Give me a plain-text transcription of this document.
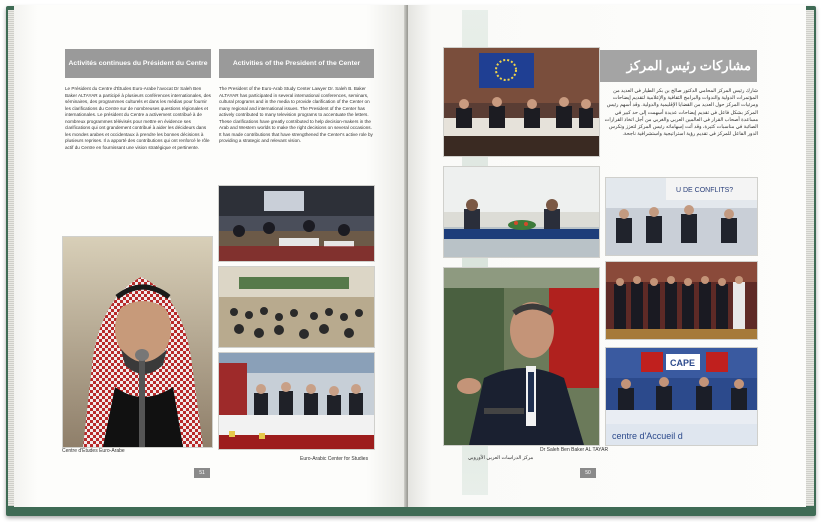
Activités continues du Président du Centre	Activities of the President of the Center
Le Président du Centre d'Études Euro-Arabe l'avocat Dr Saleh Ben Baker ALTAYAR a participé à plusieurs conférences internationales, des séminaires, des programmes culturels et dans les médias pour fournir les clarifications du Centre sur de nombreuses questions régionales et internationales. Le président du Centre a activement contribué à de nombreux programmes télévisés pour mettre en évidence ses clarifications qui ont grandement contribué à aider les décideurs dans les mondes arabes et occidentaux à prendre les bonnes décisions à plusieurs reprises. Il a apporté des contributions qui ont renforcé le rôle actif du Centre en fournissant une vision stratégique et pertinente.
The President of the Euro-Arab Study Center Lawyer Dr. Saleh B. Baker ALTAYAR has participated in several international conferences, seminars, cultural programs and in the media to provide clarification of the Center on many regional and international issues. The President of the Center has actively contributed to many television programs to accentuate the letters. These clarifications have greatly contributed to help decision-makers in the Arab and Western worlds to make the right decisions on several occasions. It has made contributions that have strengthened the Center's active role by providing a strategic and relevant vision.
Centre d'Études Euro-Arabe
Euro-Arabic Center for Studies
51
مشاركات رئيس المركز
شارك رئيس المركز المحامي الدكتور صالح بن بكر الطيار في العديد من المؤتمرات الدولية والندوات والبرامج الثقافية والإعلامية لتقديم إيضاحات ومرئيات المركز حول العديد من القضايا الإقليمية والدولية. وقد أسهم رئيس المركز بشكل فاعل في تقديم إيضاحات عديدة أسهمت إلى حد كبير في مساعدة أصحاب القرار في العالمين العربي والغربي من أجل اتخاذ القرارات الصائبة في مناسبات كثيرة، وقد أتت إسهاماته رئيس المركز لتعزز وتكرس الدور الفاعل للمركز في تقديم رؤية استراتيجية واستشرافية ناجحة.
U DE CONFLITS?
CAPE
centre d'Accueil d
مركز الدراسات العربي الأوروبي
Dr Saleh Ben Baker AL TAYAR
50
